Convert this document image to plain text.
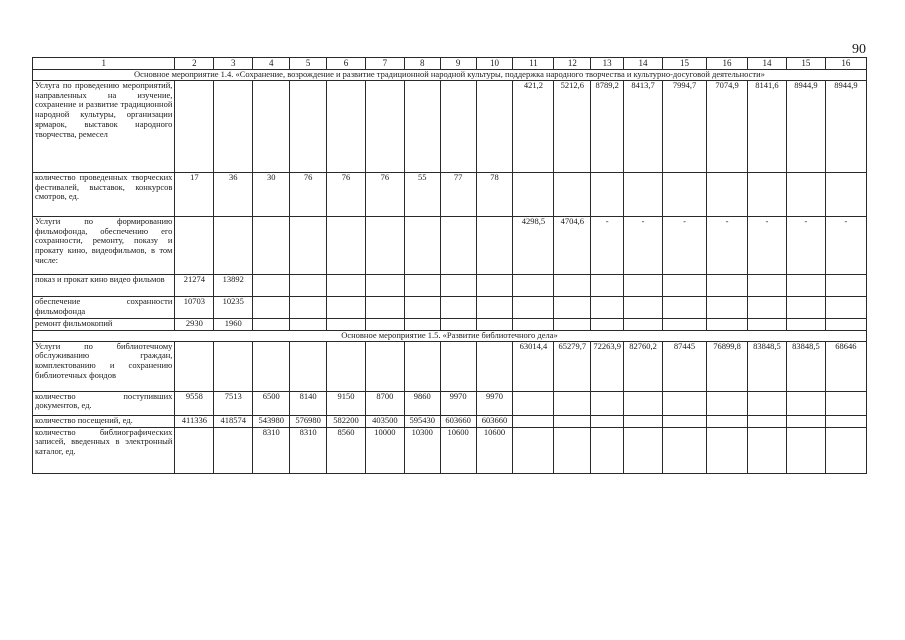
90
1	2	3	4	5	6	7	8	9	10	11	12	13	14	15	16	14	15	16
Основное мероприятие 1.4. «Сохранение, возрождение и развитие традиционной народной культуры, поддержка народного творчества и культурно-досуговой деятельности»																		
Услуга по проведению мероприятий, направленных на изучение, сохранение и развитие традиционной народной культуры, организации ярмарок, выставок народного творчества, ремесел										421,2	5212,6	8789,2	8413,7	7994,7	7074,9	8141,6	8944,9	8944,9
количество проведенных творческих фестивалей, выставок, конкурсов смотров, ед.	17	36	30	76	76	76	55	77	78									
Услуги по формированию фильмофонда, обеспечению его сохранности, ремонту, показу и прокату кино, видеофильмов, в том числе:										4298,5	4704,6	-	-	-	-	-	-	-
показ и прокат кино видео фильмов	21274	13892																
обеспечение сохранности фильмофонда	10703	10235																
ремонт фильмокопий	2930	1960																
Основное мероприятие 1.5. «Развитие библиотечного дела»																		
Услуги по библиотечному обслуживанию граждан, комплектованию и сохранению библиотечных фондов										63014,4	65279,7	72263,9	82760,2	87445	76899,8	83848,5	83848,5	68646
количество поступивших документов, ед.	9558	7513	6500	8140	9150	8700	9860	9970	9970									
количество посещений, ед.	411336	418574	543980	576980	582200	403500	595430	603660	603660									
количество библиографических записей, введенных в электронный каталог, ед.			8310	8310	8560	10000	10300	10600	10600									
